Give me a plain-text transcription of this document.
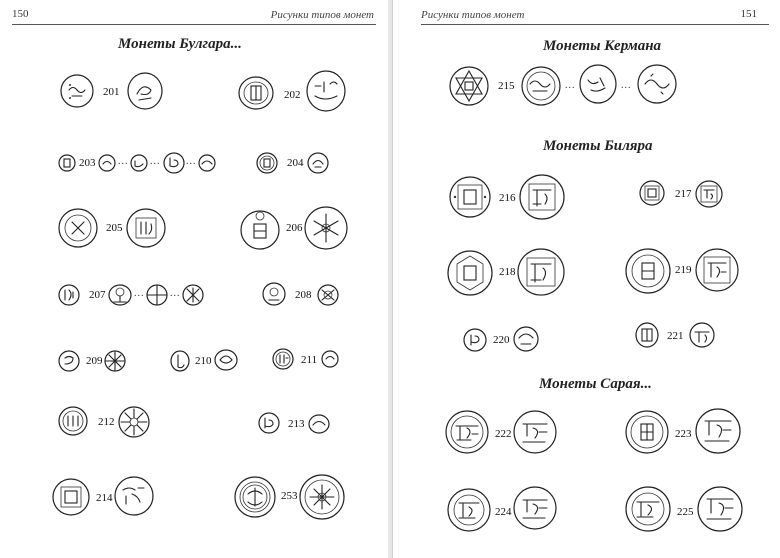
150	Рисунки типов монет
Монеты Булгара...
201	202
203 ... ...	...	204
205	206
207	...	...	208
209	210	211
212	213
214	253
Рисунки типов монет	151
Монеты Кермана
215	...	...
Монеты Биляра
216	217
218	219
220	221
Монеты Сарая...
222	223
224	225
